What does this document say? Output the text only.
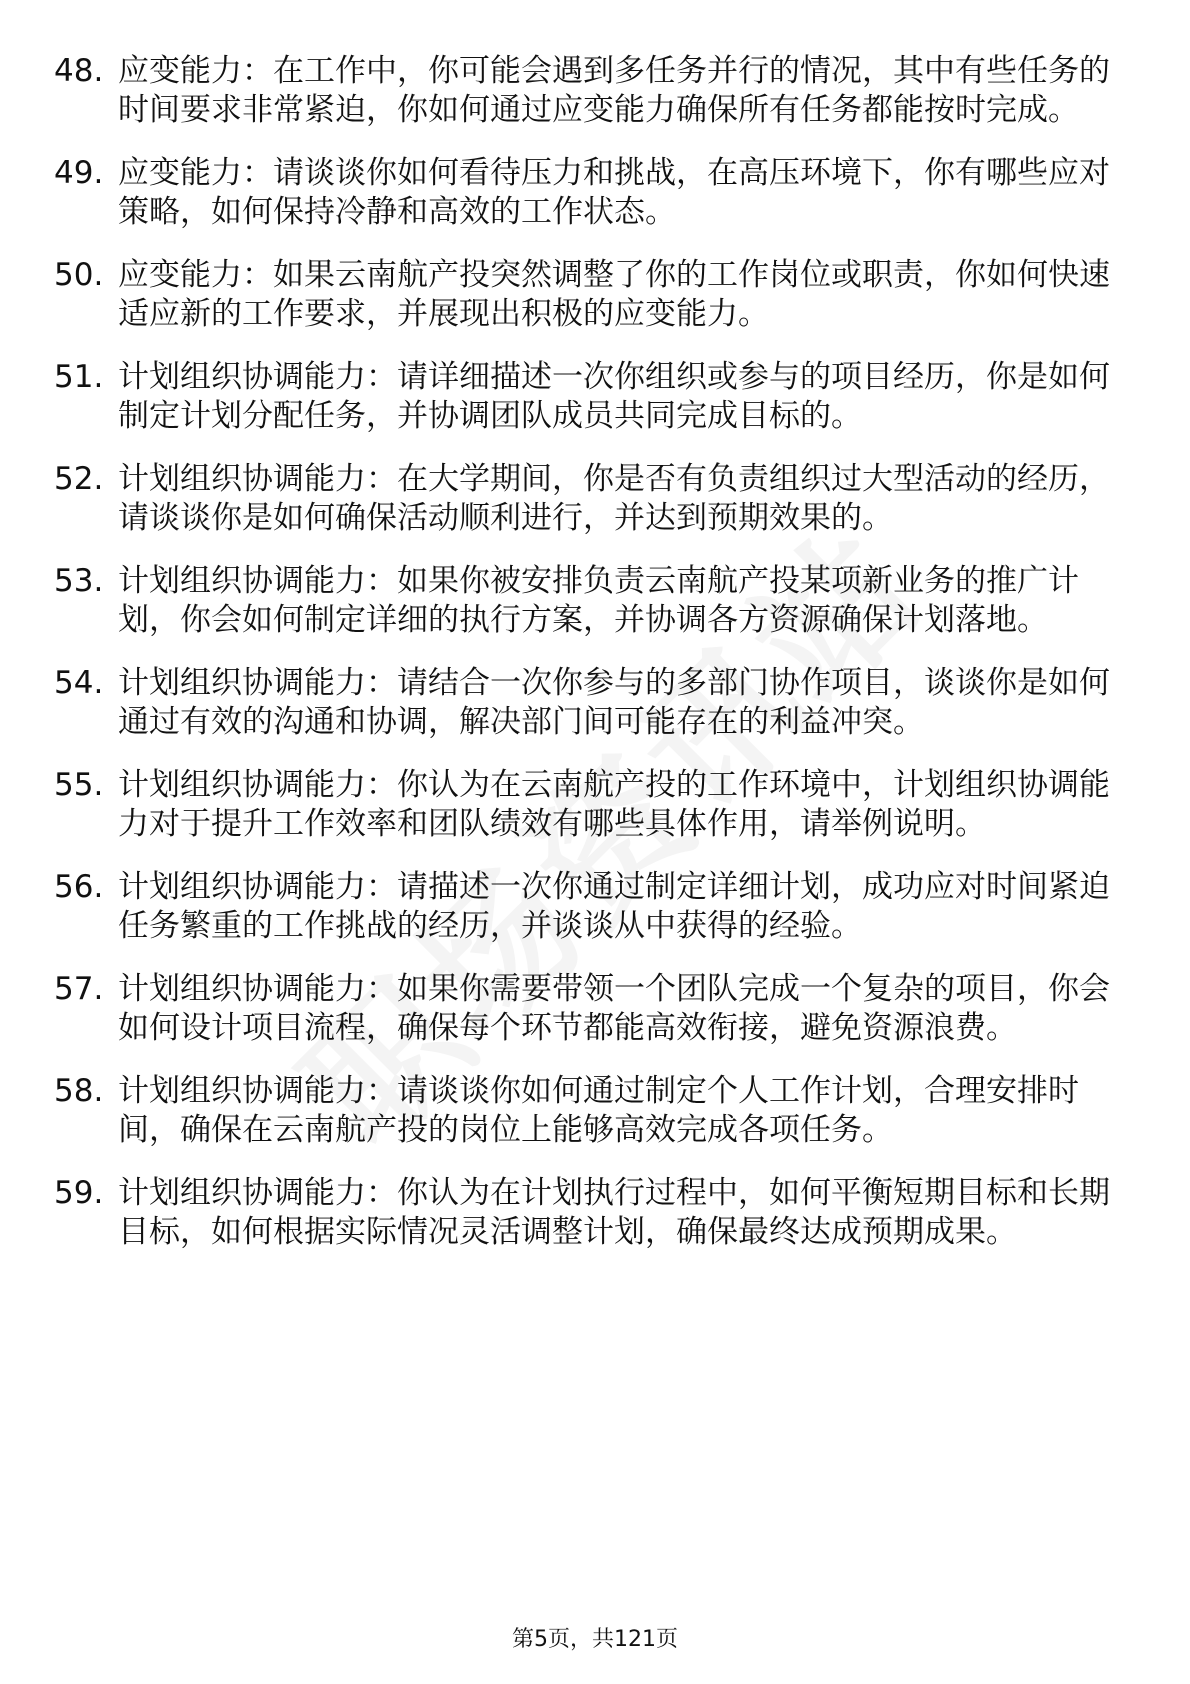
48. 应变能力：在工作中，你可能会遇到多任务并行的情况，其中有些任务的时间要求非常紧迫，你如何通过应变能力确保所有任务都能按时完成。
49. 应变能力：请谈谈你如何看待压力和挑战，在高压环境下，你有哪些应对策略，如何保持冷静和高效的工作状态。
50. 应变能力：如果云南航产投突然调整了你的工作岗位或职责，你如何快速适应新的工作要求，并展现出积极的应变能力。
51. 计划组织协调能力：请详细描述一次你组织或参与的项目经历，你是如何制定计划分配任务，并协调团队成员共同完成目标的。
52. 计划组织协调能力：在大学期间，你是否有负责组织过大型活动的经历，请谈谈你是如何确保活动顺利进行，并达到预期效果的。
53. 计划组织协调能力：如果你被安排负责云南航产投某项新业务的推广计划，你会如何制定详细的执行方案，并协调各方资源确保计划落地。
54. 计划组织协调能力：请结合一次你参与的多部门协作项目，谈谈你是如何通过有效的沟通和协调，解决部门间可能存在的利益冲突。
55. 计划组织协调能力：你认为在云南航产投的工作环境中，计划组织协调能力对于提升工作效率和团队绩效有哪些具体作用，请举例说明。
56. 计划组织协调能力：请描述一次你通过制定详细计划，成功应对时间紧迫任务繁重的工作挑战的经历，并谈谈从中获得的经验。
57. 计划组织协调能力：如果你需要带领一个团队完成一个复杂的项目，你会如何设计项目流程，确保每个环节都能高效衔接，避免资源浪费。
58. 计划组织协调能力：请谈谈你如何通过制定个人工作计划，合理安排时间，确保在云南航产投的岗位上能够高效完成各项任务。
59. 计划组织协调能力：你认为在计划执行过程中，如何平衡短期目标和长期目标，如何根据实际情况灵活调整计划，确保最终达成预期成果。
第5页，共121页
